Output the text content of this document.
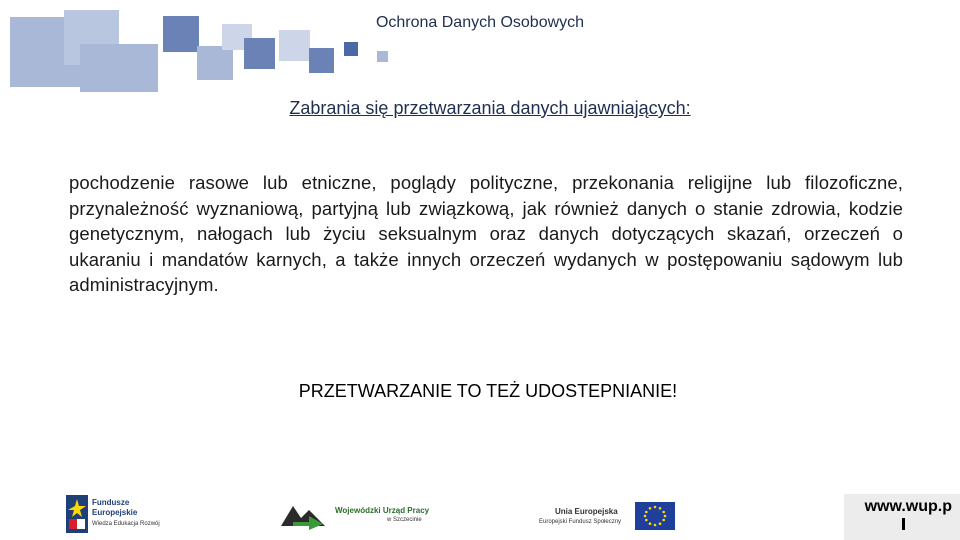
Ochrona Danych Osobowych
Zabrania się przetwarzania danych ujawniających:
pochodzenie rasowe lub etniczne, poglądy polityczne, przekonania religijne lub filozoficzne, przynależność wyznaniową, partyjną lub związkową, jak również danych o stanie zdrowia, kodzie genetycznym, nałogach lub życiu seksualnym oraz danych dotyczących skazań, orzeczeń o ukaraniu i mandatów karnych, a także innych orzeczeń wydanych w postępowaniu sądowym lub administracyjnym.
PRZETWARZANIE TO TEŻ UDOSTEPNIANIE!
Fundusze
Europejskie
Wiedza Edukacja Rozwój
Wojewódzki Urząd Pracy
w Szczecinie
Unia Europejska
Europejski Fundusz Społeczny
www.wup.p
